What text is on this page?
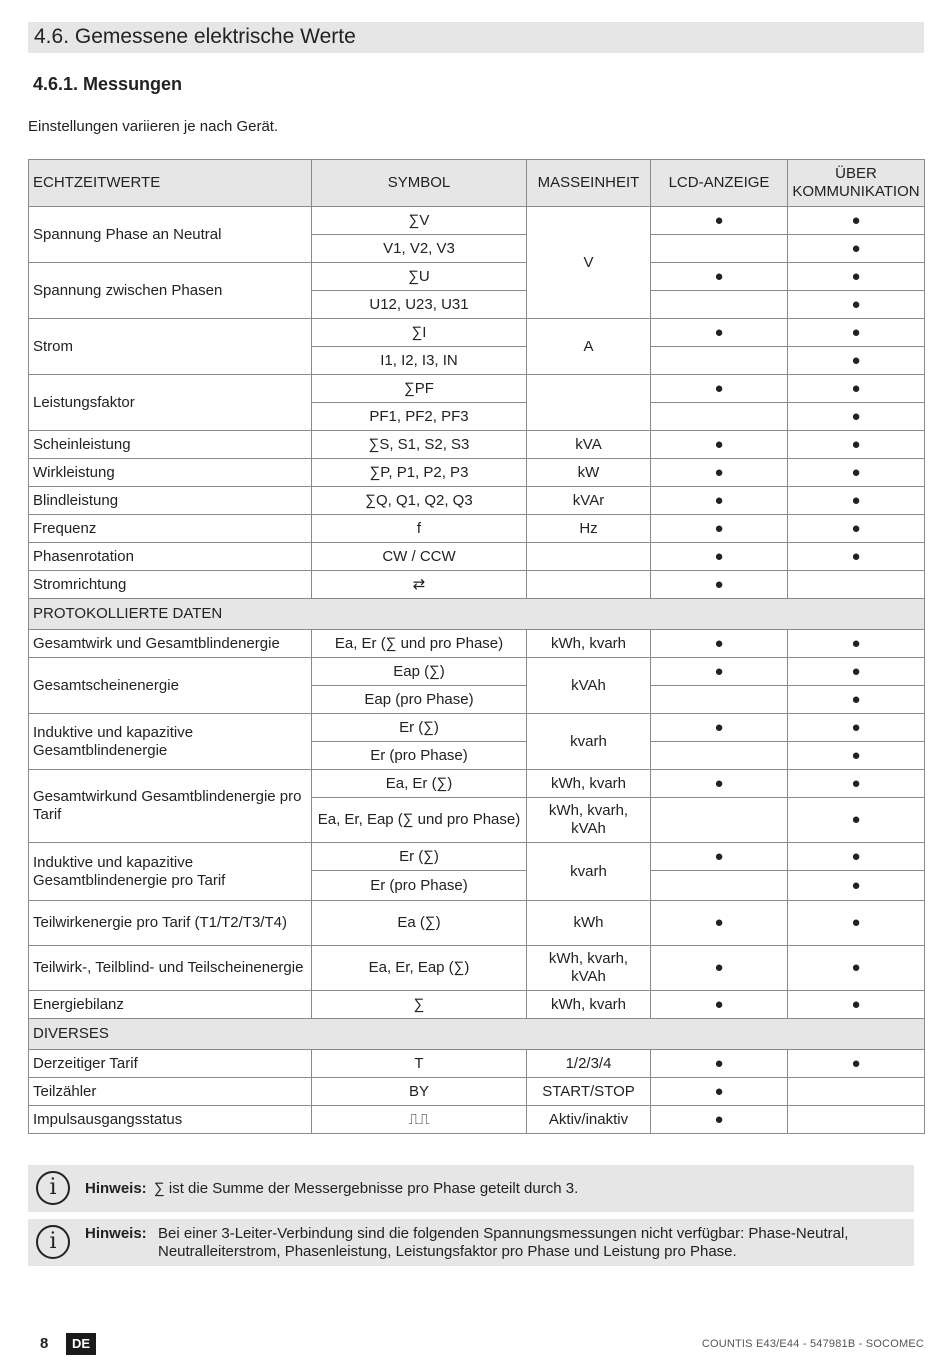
4.6. Gemessene elektrische Werte
4.6.1. Messungen
Einstellungen variieren je nach Gerät.
ECHTZEITWERTE	SYMBOL	MASSEINHEIT	LCD-ANZEIGE	ÜBER KOMMUNIKATION
Spannung Phase an Neutral	∑V	V	●	●
	V1, V2, V3			●
Spannung zwischen Phasen	∑U		●	●
	U12, U23, U31			●
Strom	∑I	A	●	●
	I1, I2, I3, IN			●
Leistungsfaktor	∑PF		●	●
	PF1, PF2, PF3			●
Scheinleistung	∑S, S1, S2, S3	kVA	●	●
Wirkleistung	∑P, P1, P2, P3	kW	●	●
Blindleistung	∑Q, Q1, Q2, Q3	kVAr	●	●
Frequenz	f	Hz	●	●
Phasenrotation	CW / CCW		●	●
Stromrichtung	⇄		●	
PROTOKOLLIERTE DATEN				
Gesamtwirk und Gesamtblindenergie	Ea, Er (∑ und pro Phase)	kWh, kvarh	●	●
Gesamtscheinenergie	Eap (∑)	kVAh	●	●
	Eap (pro Phase)			●
Induktive und kapazitive Gesamtblindenergie	Er (∑)	kvarh	●	●
	Er (pro Phase)			●
Gesamtwirkund Gesamtblindenergie pro Tarif	Ea, Er (∑)	kWh, kvarh	●	●
	Ea, Er, Eap (∑ und pro Phase)	kWh, kvarh, kVAh		●
Induktive und kapazitive Gesamtblindenergie pro Tarif	Er (∑)	kvarh	●	●
	Er (pro Phase)			●
Teilwirkenergie pro Tarif (T1/T2/T3/T4)	Ea (∑)	kWh	●	●
Teilwirk-, Teilblind- und Teilscheinenergie	Ea, Er, Eap (∑)	kWh, kvarh, kVAh	●	●
Energiebilanz	∑	kWh, kvarh	●	●
DIVERSES				
Derzeitiger Tarif	T	1/2/3/4	●	●
Teilzähler	BY	START/STOP	●	
Impulsausgangsstatus	⎍⎍	Aktiv/inaktiv	●	
i	Hinweis: ∑ ist die Summe der Messergebnisse pro Phase geteilt durch 3.
i	Hinweis: Bei einer 3-Leiter-Verbindung sind die folgenden Spannungsmessungen nicht verfügbar: Phase-Neutral, Neutralleiterstrom, Phasenleistung, Leistungsfaktor pro Phase und Leistung pro Phase.
8	DE	COUNTIS E43/E44 - 547981B - SOCOMEC
